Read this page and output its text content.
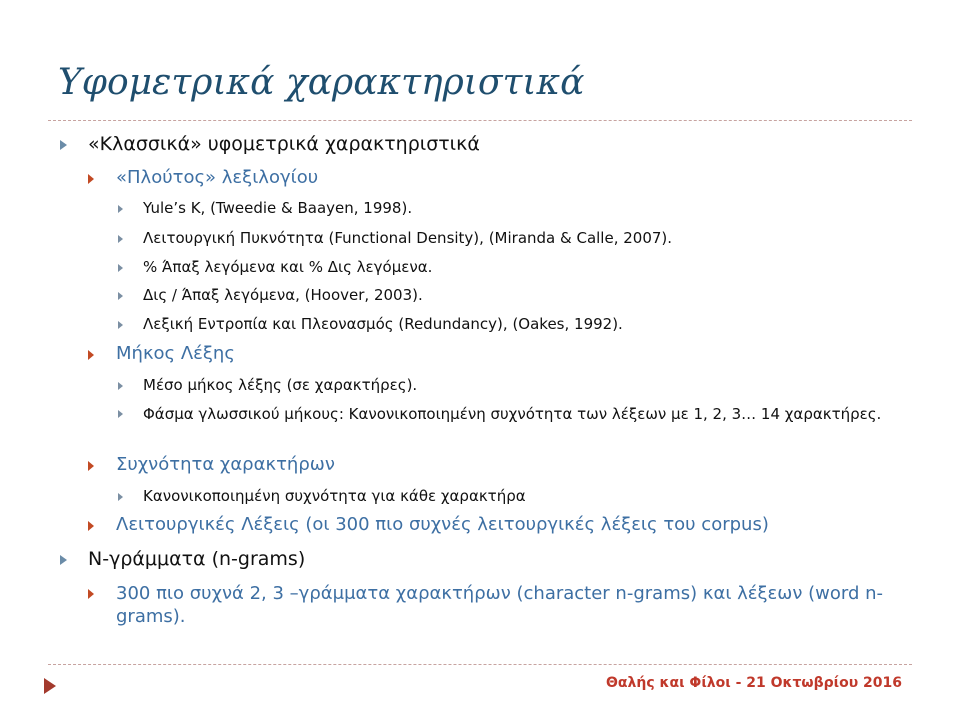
Υφομετρικά χαρακτηριστικά
«Κλασσικά» υφομετρικά χαρακτηριστικά
«Πλούτος» λεξιλογίου
Yule’s K, (Tweedie & Baayen, 1998).
Λειτουργική Πυκνότητα (Functional Density), (Miranda & Calle, 2007).
% Άπαξ λεγόμενα και % Δις λεγόμενα.
Δις / Άπαξ λεγόμενα, (Hoover, 2003).
Λεξική Εντροπία και Πλεονασμός (Redundancy), (Oakes, 1992).
Μήκος Λέξης
Μέσο μήκος λέξης (σε χαρακτήρες).
Φάσμα γλωσσικού μήκους: Κανονικοποιημένη συχνότητα των λέξεων με 1, 2, 3… 14 χαρακτήρες.
Συχνότητα χαρακτήρων
Κανονικοποιημένη συχνότητα για κάθε χαρακτήρα
Λειτουργικές Λέξεις (οι 300 πιο συχνές λειτουργικές λέξεις του corpus)
N-γράμματα (n-grams)
300 πιο συχνά 2, 3 –γράμματα χαρακτήρων (character n-grams) και λέξεων (word n-grams).
Θαλής και Φίλοι - 21 Οκτωβρίου 2016
